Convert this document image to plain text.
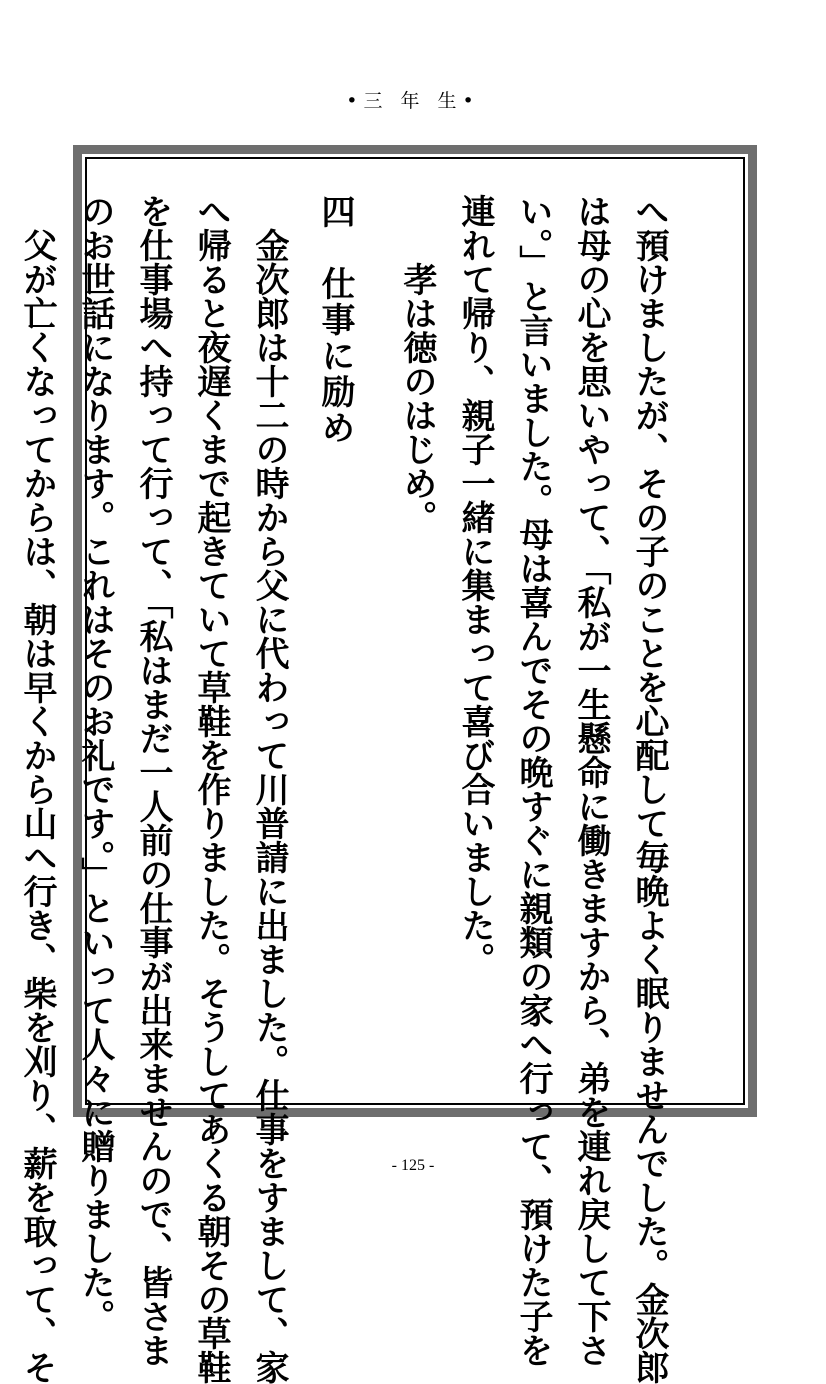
•三 年 生•
へ預けましたが、その子のことを心配して毎晩よく眠りませんでした。金次郎
は母の心を思いやって、「私が一生懸命に働きますから、弟を連れ戻して下さ
い。」と言いました。母は喜んでその晩すぐに親類の家へ行って、預けた子を
連れて帰り、親子一緒に集まって喜び合いました。
孝は徳のはじめ。
四　仕事に励め
金次郎は十二の時から父に代わって川普請に出ました。仕事をすまして、家
へ帰ると夜遅くまで起きていて草鞋を作りました。そうしてあくる朝その草鞋
を仕事場へ持って行って、「私はまだ一人前の仕事が出来ませんので、皆さま
のお世話になります。これはそのお礼です。」といって人々に贈りました。
父が亡くなってからは、朝は早くから山へ行き、柴を刈り、薪を取って、そ	- 125 -
